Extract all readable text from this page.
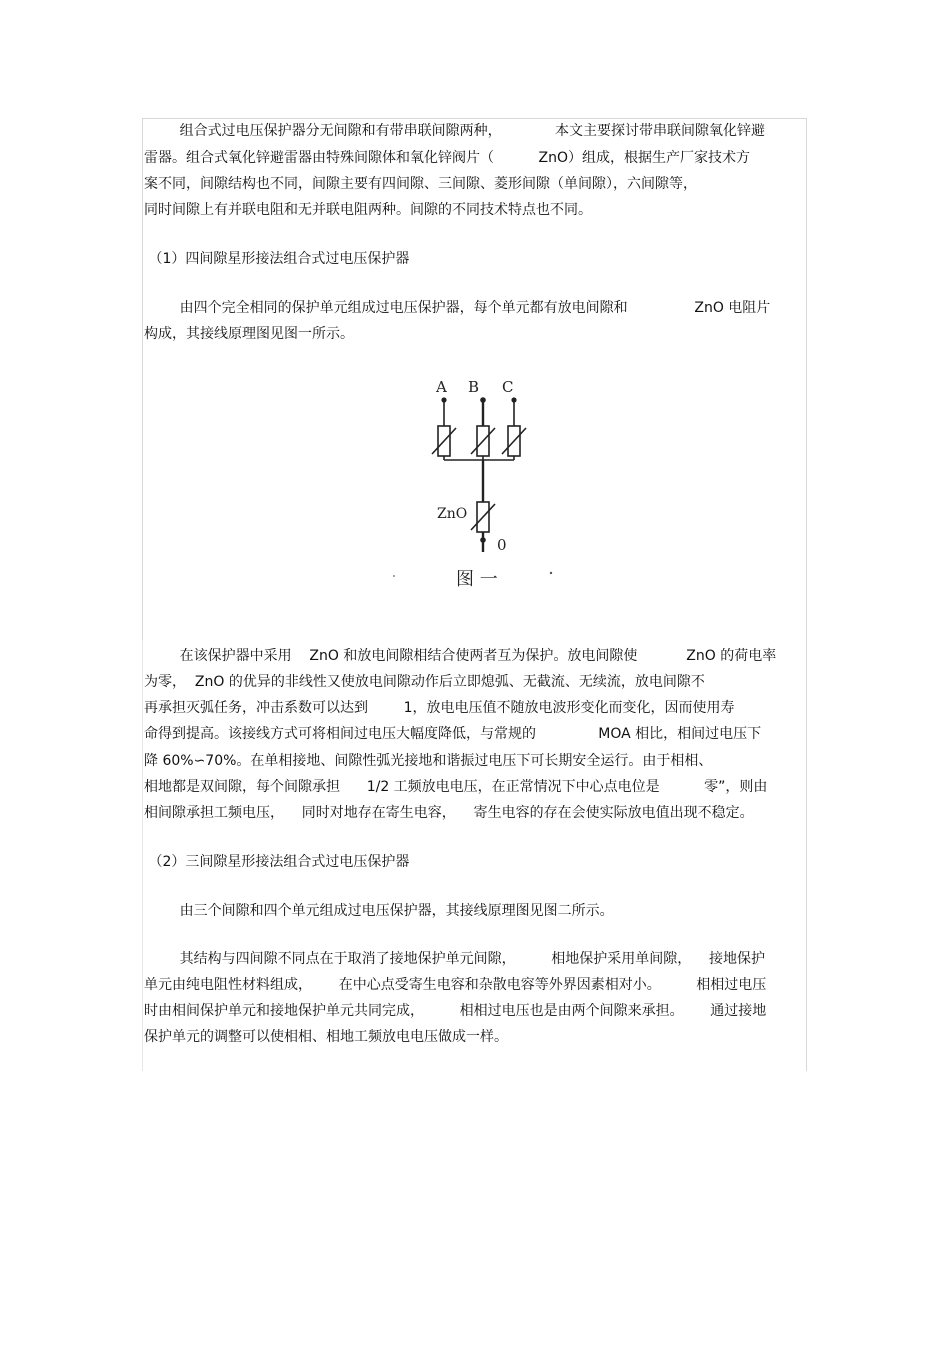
组合式过电压保护器分无间隙和有带串联间隙两种，            本文主要探讨带串联间隙氧化锌避
雷器。组合式氧化锌避雷器由特殊间隙体和氧化锌阀片（          ZnO）组成，根据生产厂家技术方
案不同，间隙结构也不同，间隙主要有四间隙、三间隙、菱形间隙（单间隙），六间隙等，
同时间隙上有并联电阻和无并联电阻两种。间隙的不同技术特点也不同。
（1）四间隙星形接法组合式过电压保护器
由四个完全相同的保护单元组成过电压保护器，每个单元都有放电间隙和               ZnO 电阻片
构成，其接线原理图见图一所示。
在该保护器中采用    ZnO 和放电间隙相结合使两者互为保护。放电间隙使           ZnO 的荷电率
为零，  ZnO 的优异的非线性又使放电间隙动作后立即熄弧、无截流、无续流，放电间隙不
再承担灭弧任务，冲击系数可以达到        1，放电电压值不随放电波形变化而变化，因而使用寿
命得到提高。该接线方式可将相间过电压大幅度降低，与常规的              MOA 相比，相间过电压下
降 60%∽70%。在单相接地、间隙性弧光接地和谐振过电压下可长期安全运行。由于相相、
相地都是双间隙，每个间隙承担      1/2 工频放电电压，在正常情况下中心点电位是          零”，则由
相间隙承担工频电压，    同时对地存在寄生电容，    寄生电容的存在会使实际放电值出现不稳定。
（2）三间隙星形接法组合式过电压保护器
由三个间隙和四个单元组成过电压保护器，其接线原理图见图二所示。
其结构与四间隙不同点在于取消了接地保护单元间隙，        相地保护采用单间隙，    接地保护
单元由纯电阻性材料组成，      在中心点受寄生电容和杂散电容等外界因素相对小。        相相过电压
时由相间保护单元和接地保护单元共同完成，        相相过电压也是由两个间隙来承担。      通过接地
保护单元的调整可以使相相、相地工频放电电压做成一样。
A B C
ZnO
0
图 一
